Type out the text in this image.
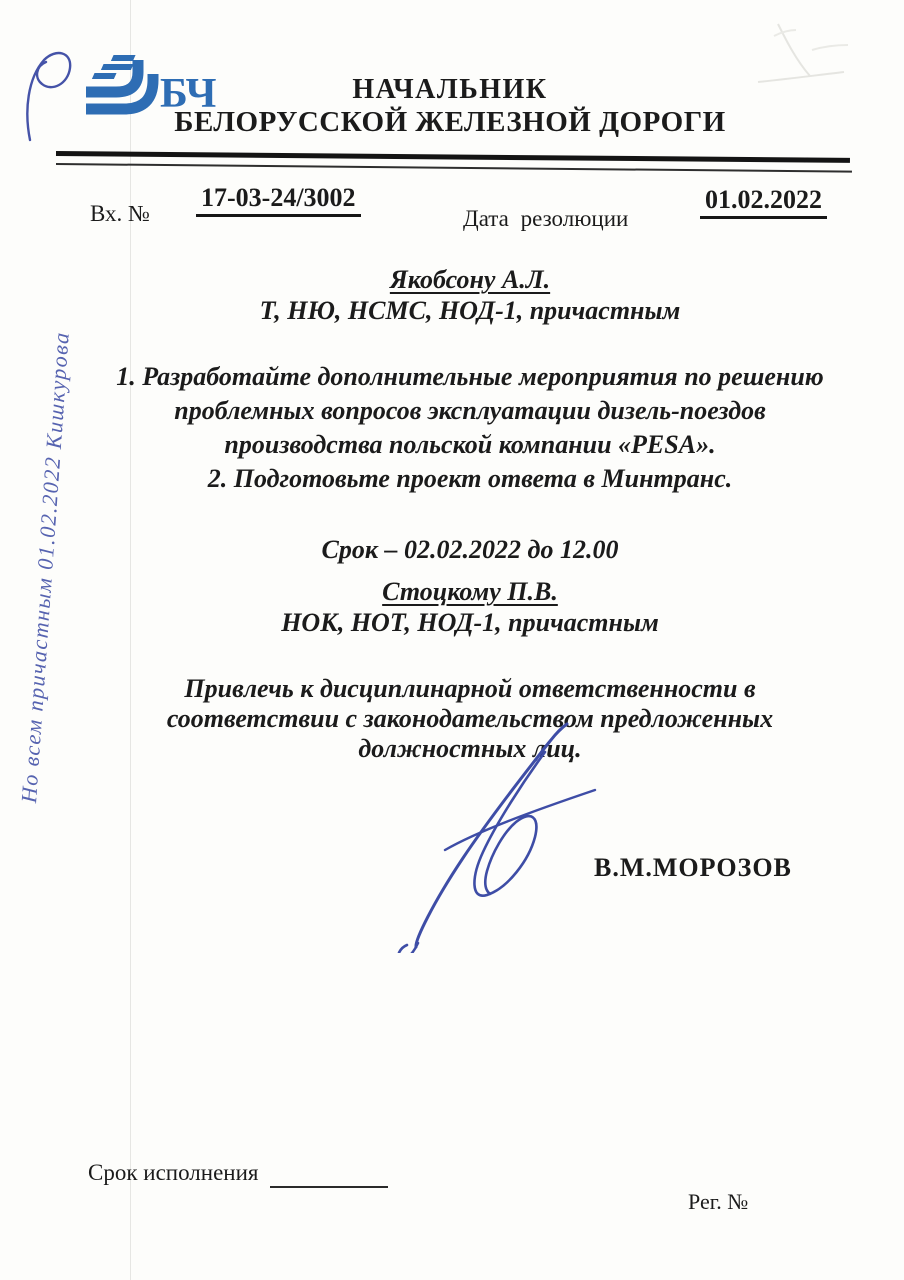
БЧ	НАЧАЛЬНИК
БЕЛОРУССКОЙ ЖЕЛЕЗНОЙ ДОРОГИ
Вх. №
17-03-24/3002
Дата резолюции
01.02.2022
Якобсону А.Л.
Т, НЮ, НСМС, НОД-1, причастным
1. Разработайте дополнительные мероприятия по решению проблемных вопросов эксплуатации дизель-поездов производства польской компании «PESA».
2. Подготовьте проект ответа в Минтранс.
Срок – 02.02.2022 до 12.00
Стоцкому П.В.
НОК, НОТ, НОД-1, причастным
Привлечь к дисциплинарной ответственности в соответствии с законодательством предложенных должностных лиц.
В.М.МОРОЗОВ
Срок исполнения
Рег. №
Но всем причастным 01.02.2022 Кишкурова
